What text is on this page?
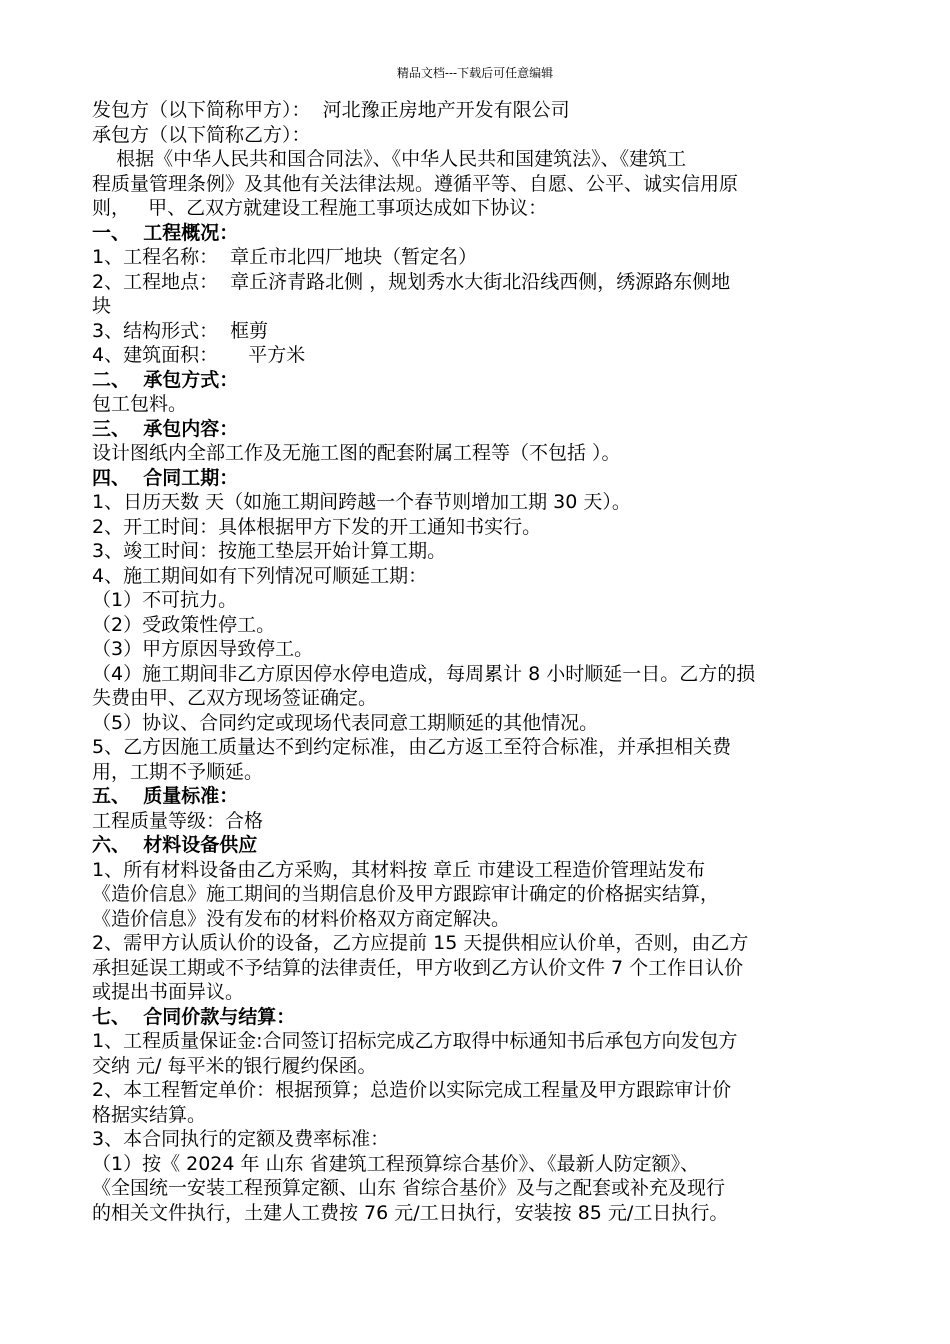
精品文档---下载后可任意编辑
发包方（以下简称甲方）：  河北豫正房地产开发有限公司
承包方（以下简称乙方）：
根据《中华人民共和国合同法》、《中华人民共和国建筑法》、《建筑工
程质量管理条例》及其他有关法律法规。遵循平等、自愿、公平、诚实信用原
则，   甲、乙双方就建设工程施工事项达成如下协议：
一、  工程概况：
1、工程名称：  章丘市北四厂地块（暂定名）
2、工程地点：  章丘济青路北侧 ，规划秀水大街北沿线西侧，绣源路东侧地
块
3、结构形式：  框剪
4、建筑面积：     平方米
二、  承包方式：
包工包料。
三、  承包内容：
设计图纸内全部工作及无施工图的配套附属工程等（不包括 ）。
四、  合同工期：
1、日历天数 天（如施工期间跨越一个春节则增加工期 30 天）。
2、开工时间：具体根据甲方下发的开工通知书实行。
3、竣工时间：按施工垫层开始计算工期。
4、施工期间如有下列情况可顺延工期：
（1）不可抗力。
（2）受政策性停工。
（3）甲方原因导致停工。
（4）施工期间非乙方原因停水停电造成，每周累计 8 小时顺延一日。乙方的损
失费由甲、乙双方现场签证确定。
（5）协议、合同约定或现场代表同意工期顺延的其他情况。
5、乙方因施工质量达不到约定标准，由乙方返工至符合标准，并承担相关费
用，工期不予顺延。
五、  质量标准：
工程质量等级：合格
六、  材料设备供应
1、所有材料设备由乙方采购，其材料按 章丘 市建设工程造价管理站发布
《造价信息》施工期间的当期信息价及甲方跟踪审计确定的价格据实结算，
《造价信息》没有发布的材料价格双方商定解决。
2、需甲方认质认价的设备，乙方应提前 15 天提供相应认价单，否则，由乙方
承担延误工期或不予结算的法律责任，甲方收到乙方认价文件 7 个工作日认价
或提出书面异议。
七、  合同价款与结算：
1、工程质量保证金:合同签订招标完成乙方取得中标通知书后承包方向发包方
交纳 元/ 每平米的银行履约保函。
2、本工程暂定单价：根据预算；总造价以实际完成工程量及甲方跟踪审计价
格据实结算。
3、本合同执行的定额及费率标准：
（1）按《 2024 年 山东 省建筑工程预算综合基价》、《最新人防定额》、
《全国统一安装工程预算定额、山东 省综合基价》及与之配套或补充及现行
的相关文件执行，土建人工费按 76 元/工日执行，安装按 85 元/工日执行。
